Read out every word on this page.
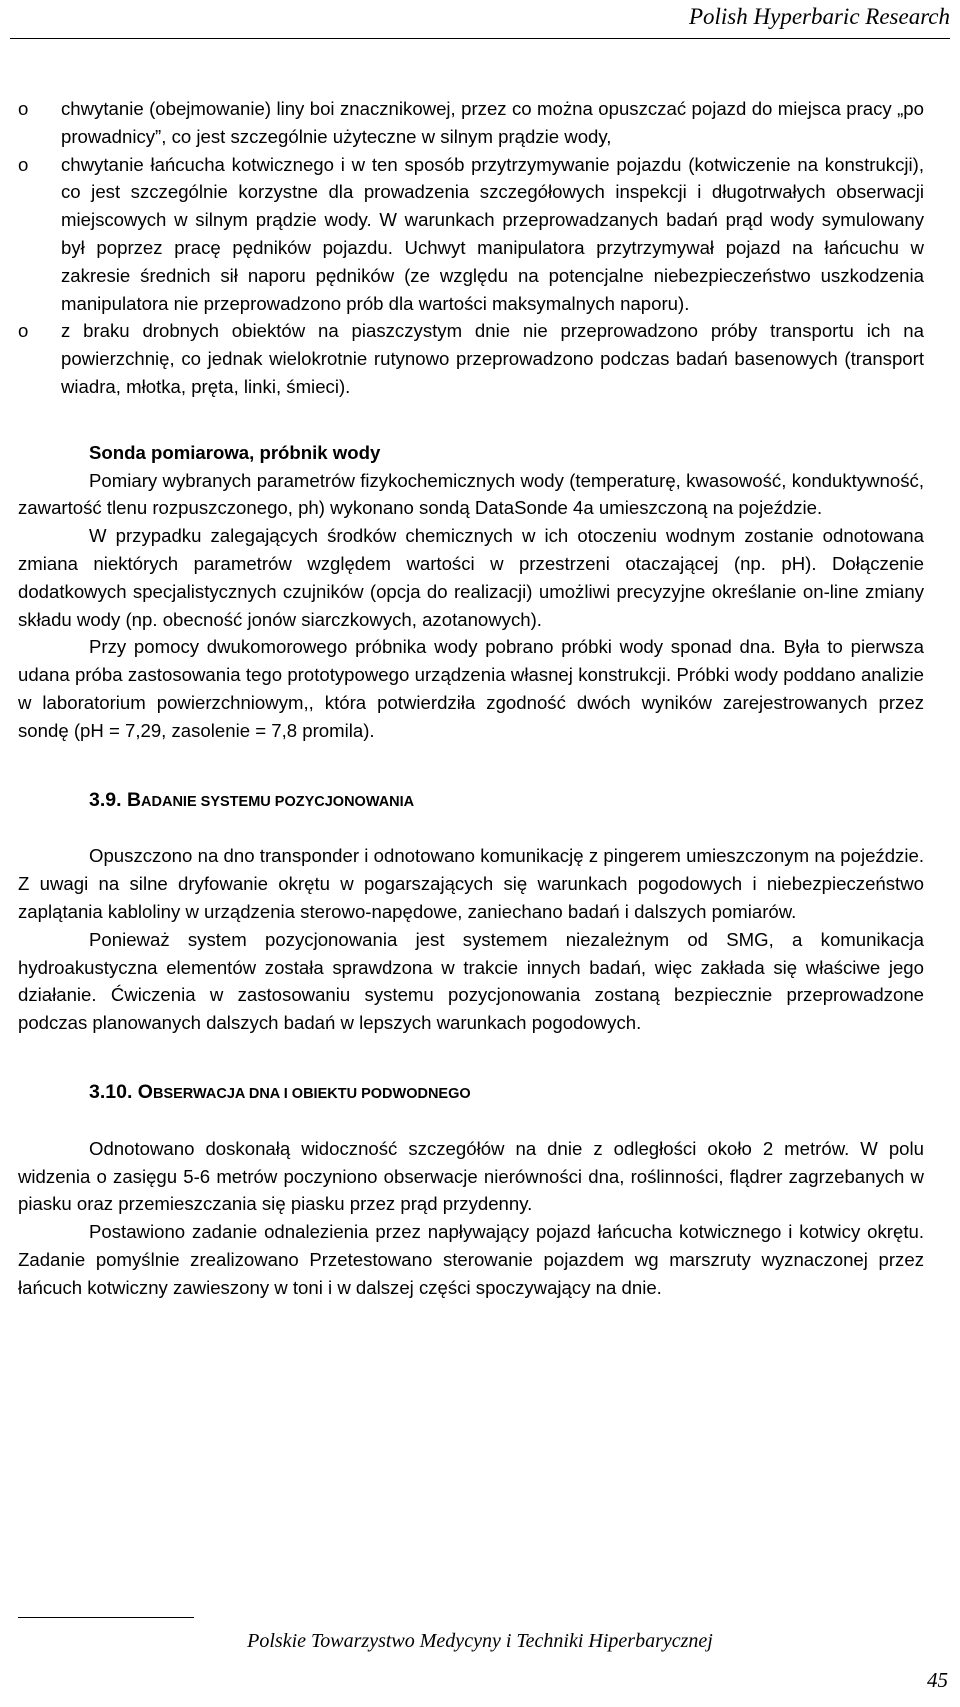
Polish Hyperbaric Research
o chwytanie (obejmowanie) liny boi znacznikowej, przez co można opuszczać pojazd do miejsca pracy „po prowadnicy”, co jest szczególnie użyteczne w silnym prądzie wody,
o chwytanie łańcucha kotwicznego i w ten sposób przytrzymywanie pojazdu (kotwiczenie na konstrukcji), co jest szczególnie korzystne dla prowadzenia szczegółowych inspekcji i długotrwałych obserwacji miejscowych w silnym prądzie wody. W warunkach przeprowadzanych badań prąd wody symulowany był poprzez pracę pędników pojazdu. Uchwyt manipulatora przytrzymywał pojazd na łańcuchu w zakresie średnich sił naporu pędników (ze względu na potencjalne niebezpieczeństwo uszkodzenia manipulatora nie przeprowadzono prób dla wartości maksymalnych naporu).
o z braku drobnych obiektów na piaszczystym dnie nie przeprowadzono próby transportu ich na powierzchnię, co jednak wielokrotnie rutynowo przeprowadzono podczas badań basenowych (transport wiadra, młotka, pręta, linki, śmieci).

Sonda pomiarowa, próbnik wody

Pomiary wybranych parametrów fizykochemicznych wody (temperaturę, kwasowość, konduktywność, zawartość tlenu rozpuszczonego, ph) wykonano sondą DataSonde 4a umieszczoną na pojeździe.

W przypadku zalegających środków chemicznych w ich otoczeniu wodnym zostanie odnotowana zmiana niektórych parametrów względem wartości w przestrzeni otaczającej (np. pH). Dołączenie dodatkowych specjalistycznych czujników (opcja do realizacji) umożliwi precyzyjne określanie on-line zmiany składu wody (np. obecność jonów siarczkowych, azotanowych).

Przy pomocy dwukomorowego próbnika wody pobrano próbki wody sponad dna. Była to pierwsza udana próba zastosowania tego prototypowego urządzenia własnej konstrukcji. Próbki wody poddano analizie w laboratorium powierzchniowym,, która potwierdziła zgodność dwóch wyników zarejestrowanych przez sondę (pH = 7,29, zasolenie = 7,8 promila).

3.9. BADANIE SYSTEMU POZYCJONOWANIA

Opuszczono na dno transponder i odnotowano komunikację z pingerem umieszczonym na pojeździe. Z uwagi na silne dryfowanie okrętu w pogarszających się warunkach pogodowych i niebezpieczeństwo zaplątania kabloliny w urządzenia sterowo-napędowe, zaniechano badań i dalszych pomiarów.

Ponieważ system pozycjonowania jest systemem niezależnym od SMG, a komunikacja hydroakustyczna elementów została sprawdzona w trakcie innych badań, więc zakłada się właściwe jego działanie. Ćwiczenia w zastosowaniu systemu pozycjonowania zostaną bezpiecznie przeprowadzone podczas planowanych dalszych badań w lepszych warunkach pogodowych.

3.10. OBSERWACJA DNA I OBIEKTU PODWODNEGO

Odnotowano doskonałą widoczność szczegółów na dnie z odległości około 2 metrów. W polu widzenia o zasięgu 5-6 metrów poczyniono obserwacje nierówności dna, roślinności, flądrer zagrzebanych w piasku oraz przemieszczania się piasku przez prąd przydenny.

Postawiono zadanie odnalezienia przez napływający pojazd łańcucha kotwicznego i kotwicy okrętu. Zadanie pomyślnie zrealizowano Przetestowano sterowanie pojazdem wg marszruty wyznaczonej przez łańcuch kotwiczny zawieszony w toni i w dalszej części spoczywający na dnie.

Polskie Towarzystwo Medycyny i Techniki Hiperbarycznej
45
